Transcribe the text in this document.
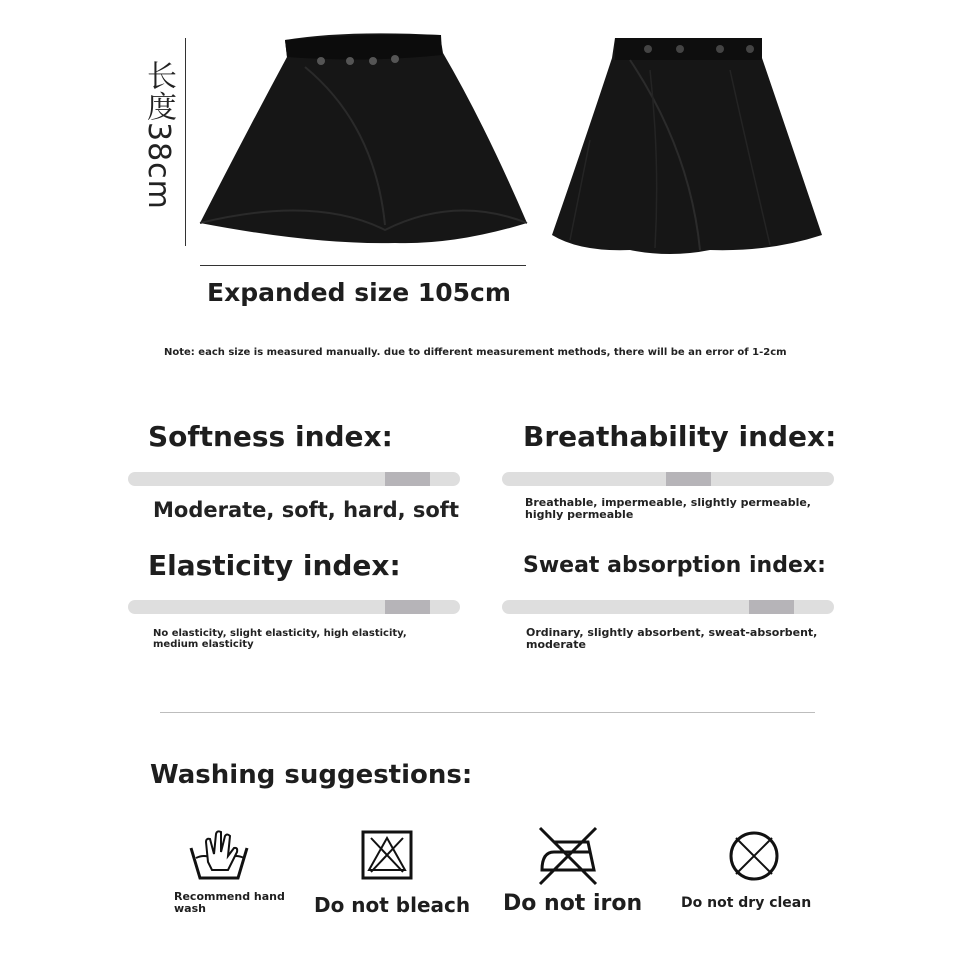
长度38cm
Expanded size 105cm
Note: each size is measured manually. due to different measurement methods, there will be an error of 1-2cm
Softness index:
Moderate, soft, hard, soft
Breathability index:
Breathable, impermeable, slightly permeable, highly permeable
Elasticity index:
No elasticity, slight elasticity, high elasticity, medium elasticity
Sweat absorption index:
Ordinary, slightly absorbent, sweat-absorbent, moderate
Washing suggestions:
Recommend hand wash	Do not bleach Do not iron	Do not dry clean
